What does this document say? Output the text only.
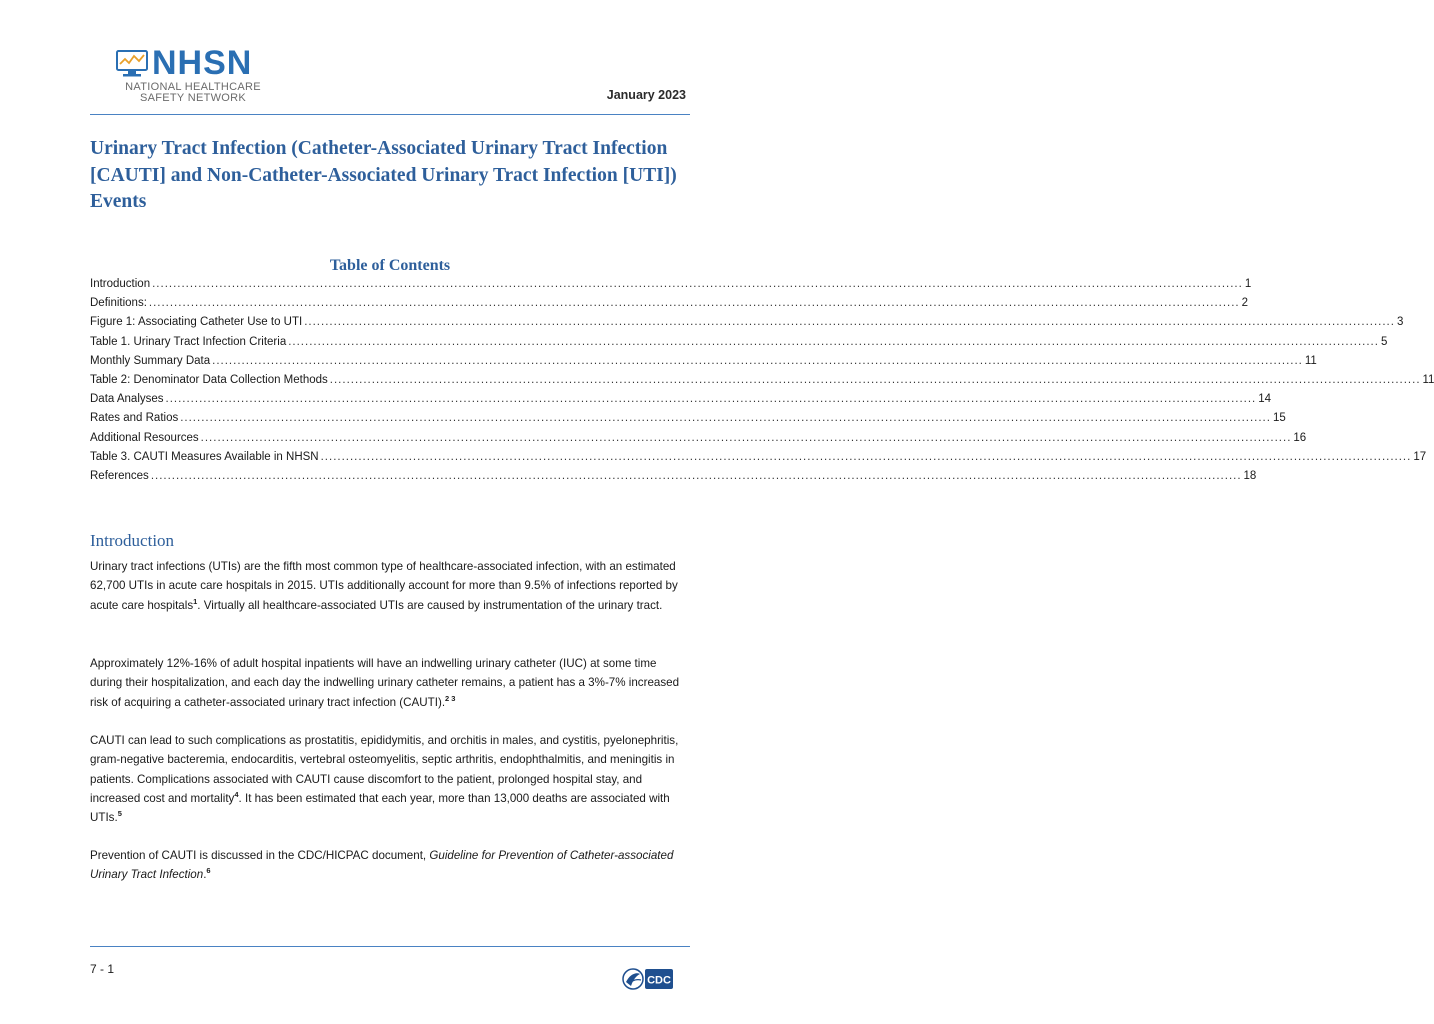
NHSN
NATIONAL HEALTHCARE
SAFETY NETWORK	January 2023
Urinary Tract Infection (Catheter-Associated Urinary Tract Infection [CAUTI] and Non-Catheter-Associated Urinary Tract Infection [UTI]) Events
Table of Contents
Introduction .................................................................................................................................................................................................................................................................... 1
Definitions: .................................................................................................................................................................................................................................................................... 2
Figure 1: Associating Catheter Use to UTI .................................................................................................................................................................................................................................................................... 3
Table 1. Urinary Tract Infection Criteria .................................................................................................................................................................................................................................................................... 5
Monthly Summary Data .................................................................................................................................................................................................................................................................... 11
Table 2: Denominator Data Collection Methods .................................................................................................................................................................................................................................................................... 11
Data Analyses .................................................................................................................................................................................................................................................................... 14
Rates and Ratios .................................................................................................................................................................................................................................................................... 15
Additional Resources .................................................................................................................................................................................................................................................................... 16
Table 3. CAUTI Measures Available in NHSN .................................................................................................................................................................................................................................................................... 17
References .................................................................................................................................................................................................................................................................... 18
Introduction

Urinary tract infections (UTIs) are the fifth most common type of healthcare-associated infection, with an estimated 62,700 UTIs in acute care hospitals in 2015. UTIs additionally account for more than 9.5% of infections reported by acute care hospitals$^1$. Virtually all healthcare-associated UTIs are caused by instrumentation of the urinary tract.

Approximately 12%-16% of adult hospital inpatients will have an indwelling urinary catheter (IUC) at some time during their hospitalization, and each day the indwelling urinary catheter remains, a patient has a 3%-7% increased risk of acquiring a catheter-associated urinary tract infection (CAUTI).$^{2 3}$

CAUTI can lead to such complications as prostatitis, epididymitis, and orchitis in males, and cystitis, pyelonephritis, gram-negative bacteremia, endocarditis, vertebral osteomyelitis, septic arthritis, endophthalmitis, and meningitis in patients. Complications associated with CAUTI cause discomfort to the patient, prolonged hospital stay, and increased cost and mortality$^4$. It has been estimated that each year, more than 13,000 deaths are associated with UTIs.$^5$

Prevention of CAUTI is discussed in the CDC/HICPAC document, Guideline for Prevention of Catheter-associated Urinary Tract Infection.$^6$

7 - 1
CDC
